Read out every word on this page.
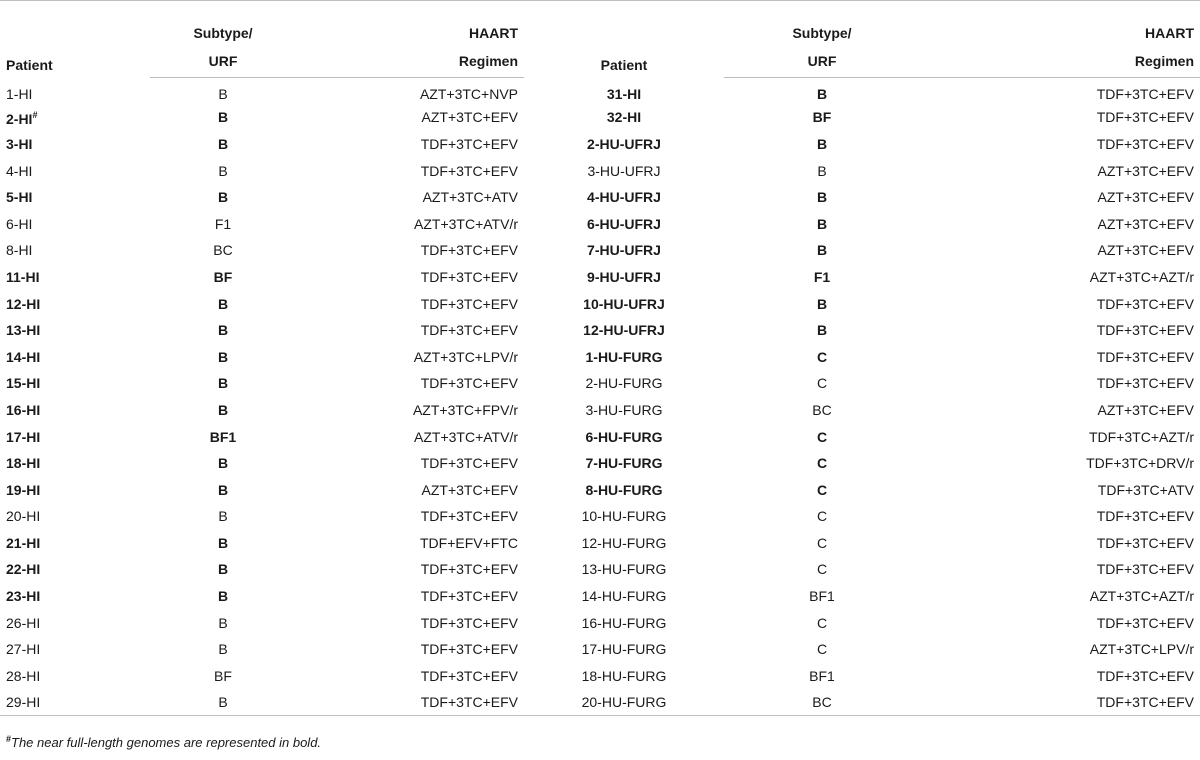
Patient	Subtype/	HAART	Patient	Subtype/	HAART
	URF	Regimen		URF	Regimen
1-HI	B	AZT+3TC+NVP	31-HI	B	TDF+3TC+EFV
2-HI#	B	AZT+3TC+EFV	32-HI	BF	TDF+3TC+EFV
3-HI	B	TDF+3TC+EFV	2-HU-UFRJ	B	TDF+3TC+EFV
4-HI	B	TDF+3TC+EFV	3-HU-UFRJ	B	AZT+3TC+EFV
5-HI	B	AZT+3TC+ATV	4-HU-UFRJ	B	AZT+3TC+EFV
6-HI	F1	AZT+3TC+ATV/r	6-HU-UFRJ	B	AZT+3TC+EFV
8-HI	BC	TDF+3TC+EFV	7-HU-UFRJ	B	AZT+3TC+EFV
11-HI	BF	TDF+3TC+EFV	9-HU-UFRJ	F1	AZT+3TC+AZT/r
12-HI	B	TDF+3TC+EFV	10-HU-UFRJ	B	TDF+3TC+EFV
13-HI	B	TDF+3TC+EFV	12-HU-UFRJ	B	TDF+3TC+EFV
14-HI	B	AZT+3TC+LPV/r	1-HU-FURG	C	TDF+3TC+EFV
15-HI	B	TDF+3TC+EFV	2-HU-FURG	C	TDF+3TC+EFV
16-HI	B	AZT+3TC+FPV/r	3-HU-FURG	BC	AZT+3TC+EFV
17-HI	BF1	AZT+3TC+ATV/r	6-HU-FURG	C	TDF+3TC+AZT/r
18-HI	B	TDF+3TC+EFV	7-HU-FURG	C	TDF+3TC+DRV/r
19-HI	B	AZT+3TC+EFV	8-HU-FURG	C	TDF+3TC+ATV
20-HI	B	TDF+3TC+EFV	10-HU-FURG	C	TDF+3TC+EFV
21-HI	B	TDF+EFV+FTC	12-HU-FURG	C	TDF+3TC+EFV
22-HI	B	TDF+3TC+EFV	13-HU-FURG	C	TDF+3TC+EFV
23-HI	B	TDF+3TC+EFV	14-HU-FURG	BF1	AZT+3TC+AZT/r
26-HI	B	TDF+3TC+EFV	16-HU-FURG	C	TDF+3TC+EFV
27-HI	B	TDF+3TC+EFV	17-HU-FURG	C	AZT+3TC+LPV/r
28-HI	BF	TDF+3TC+EFV	18-HU-FURG	BF1	TDF+3TC+EFV
29-HI	B	TDF+3TC+EFV	20-HU-FURG	BC	TDF+3TC+EFV
#The near full-length genomes are represented in bold.
